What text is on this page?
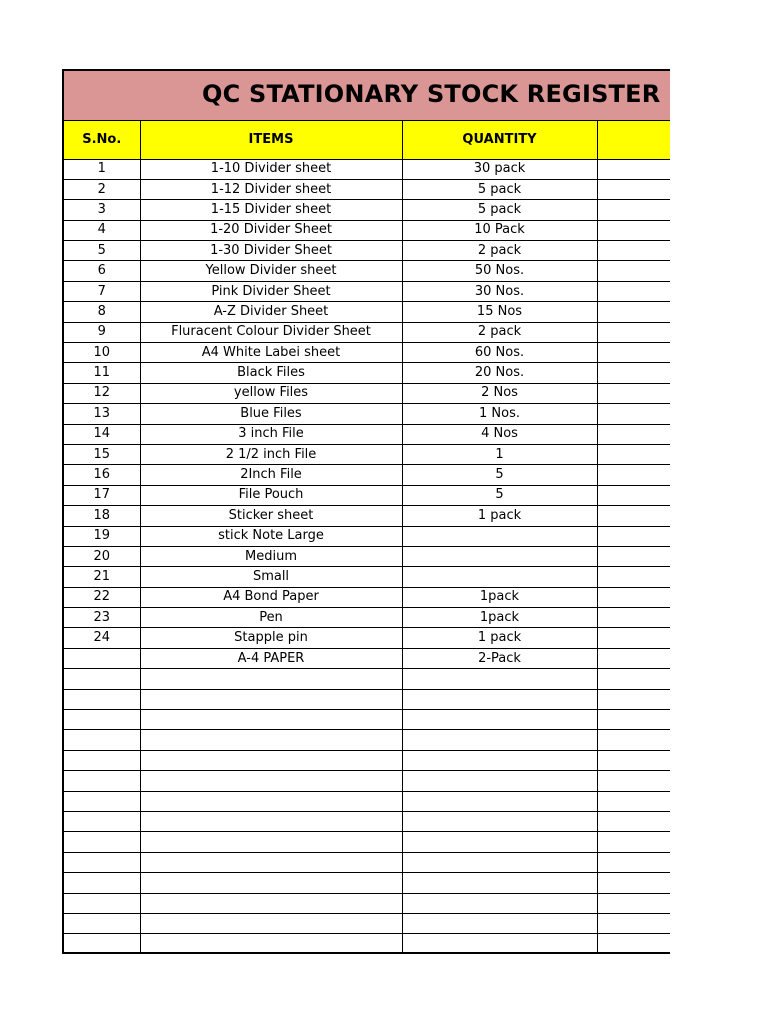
QC STATIONARY STOCK REGISTER
S.No.	ITEMS	QUANTITY	
1	1-10 Divider sheet	30 pack	
2	1-12 Divider sheet	5 pack	
3	1-15 Divider sheet	5 pack	
4	1-20 Divider Sheet	10 Pack	
5	1-30 Divider Sheet	2 pack	
6	Yellow Divider sheet	50 Nos.	
7	Pink Divider Sheet	30 Nos.	
8	A-Z Divider Sheet	15 Nos	
9	Fluracent Colour Divider Sheet	2 pack	
10	A4 White Labei sheet	60 Nos.	
11	Black Files	20 Nos.	
12	yellow Files	2 Nos	
13	Blue Files	1 Nos.	
14	3 inch File	4 Nos	
15	2 1/2 inch File	1	
16	2Inch File	5	
17	File Pouch	5	
18	Sticker sheet	1 pack	
19	stick Note Large		
20	Medium		
21	Small		
22	A4 Bond Paper	1pack	
23	Pen	1pack	
24	Stapple pin	1 pack	
	A-4 PAPER	2-Pack	
